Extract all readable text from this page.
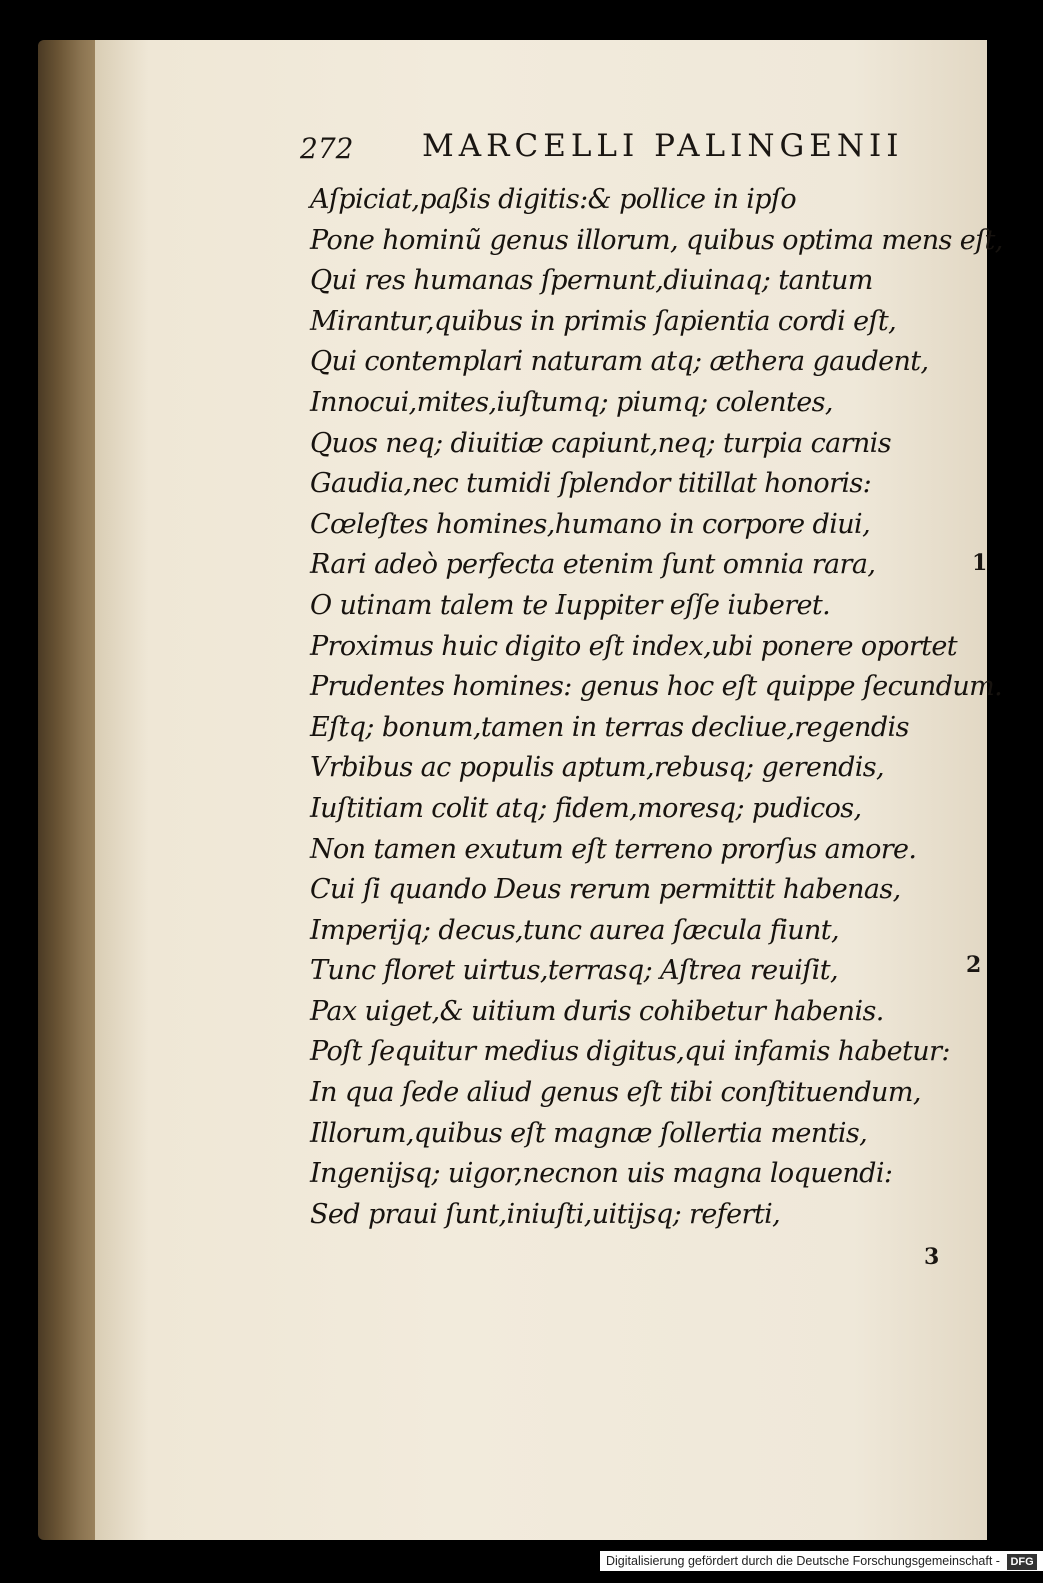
272 MARCELLI PALINGENII
Aſpiciat,paßis digitis:& pollice in ipſo
Pone hominũ genus illorum, quibus optima mens eſt,
Qui res humanas ſpernunt,diuinaq; tantum
Mirantur,quibus in primis ſapientia cordi eſt,
Qui contemplari naturam atq; æthera gaudent,
Innocui,mites,iuſtumq; piumq; colentes,
Quos neq; diuitiæ capiunt,neq; turpia carnis
Gaudia,nec tumidi ſplendor titillat honoris:
Cœleſtes homines,humano in corpore diui,
Rari adeò perfecta etenim ſunt omnia rara,
O utinam talem te Iuppiter eſſe iuberet.
Proximus huic digito eſt index,ubi ponere oportet
Prudentes homines: genus hoc eſt quippe ſecundum.
Eſtq; bonum,tamen in terras decliue,regendis
Vrbibus ac populis aptum,rebusq; gerendis,
Iuſtitiam colit atq; fidem,moresq; pudicos,
Non tamen exutum eſt terreno prorſus amore.
Cui ſi quando Deus rerum permittit habenas,
Imperijq; decus,tunc aurea ſæcula fiunt,
Tunc floret uirtus,terrasq; Aſtrea reuiſit,
Pax uiget,& uitium duris cohibetur habenis.
Poſt ſequitur medius digitus,qui infamis habetur:
In qua ſede aliud genus eſt tibi conſtituendum,
Illorum,quibus eſt magnæ ſollertia mentis,
Ingenijsq; uigor,necnon uis magna loquendi:
Sed praui ſunt,iniuſti,uitijsq; referti,
1
2
3
Digitalisierung gefördert durch die Deutsche Forschungsgemeinschaft - DFG
